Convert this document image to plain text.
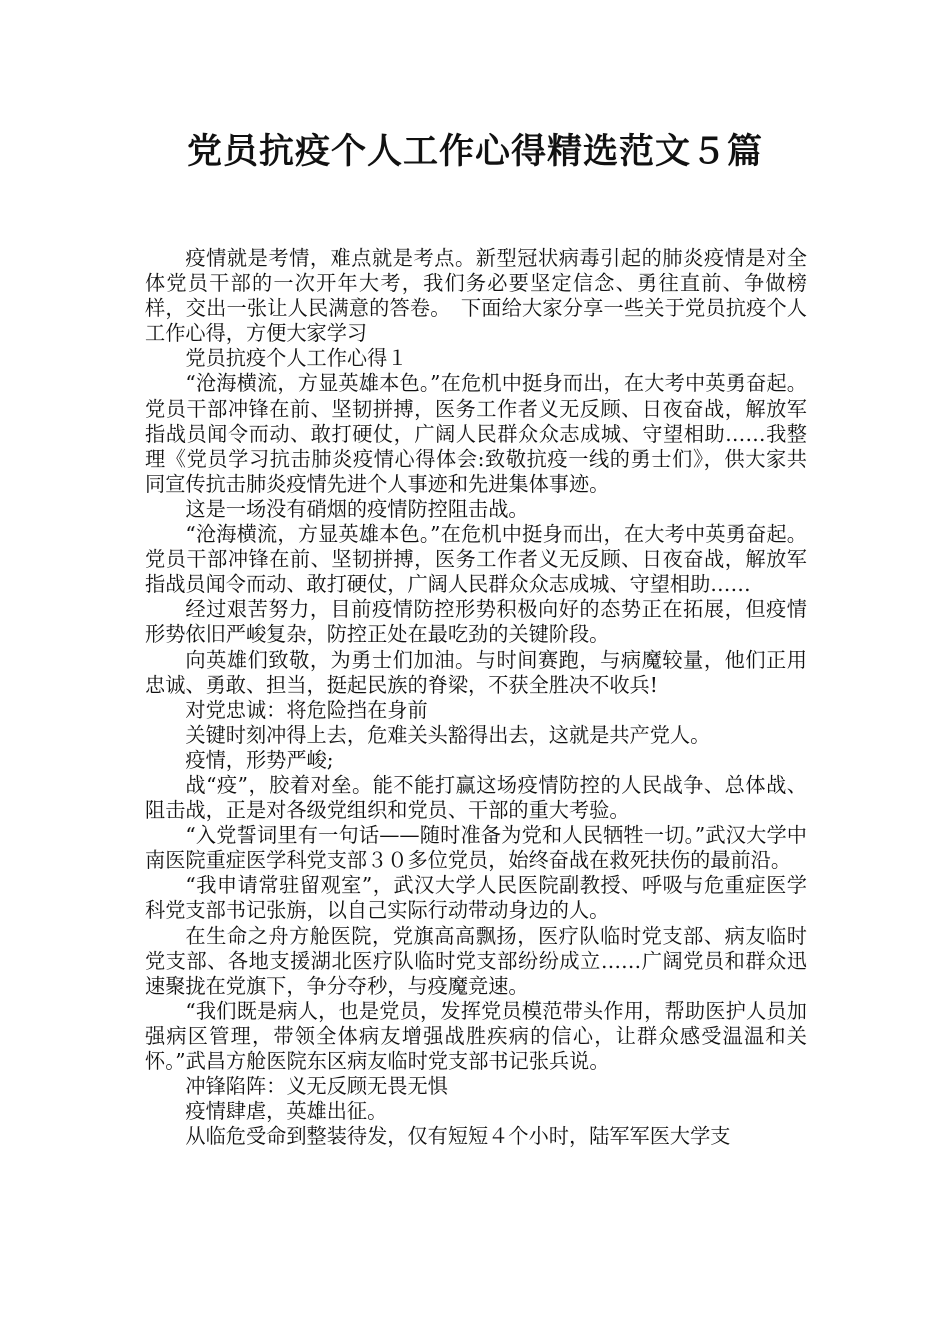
党员抗疫个人工作心得精选范文５篇

疫情就是考情，难点就是考点。新型冠状病毒引起的肺炎疫情是对全体党员干部的一次开年大考，我们务必要坚定信念、勇往直前、争做榜样，交出一张让人民满意的答卷。　下面给大家分享一些关于党员抗疫个人工作心得，方便大家学习

党员抗疫个人工作心得１

“沧海横流，方显英雄本色。”在危机中挺身而出，在大考中英勇奋起。党员干部冲锋在前、坚韧拼搏，医务工作者义无反顾、日夜奋战，解放军指战员闻令而动、敢打硬仗，广阔人民群众众志成城、守望相助……我整理《党员学习抗击肺炎疫情心得体会:致敬抗疫一线的勇士们》，供大家共同宣传抗击肺炎疫情先进个人事迹和先进集体事迹。

这是一场没有硝烟的疫情防控阻击战。

“沧海横流，方显英雄本色。”在危机中挺身而出，在大考中英勇奋起。党员干部冲锋在前、坚韧拼搏，医务工作者义无反顾、日夜奋战，解放军指战员闻令而动、敢打硬仗，广阔人民群众众志成城、守望相助……

经过艰苦努力，目前疫情防控形势积极向好的态势正在拓展，但疫情形势依旧严峻复杂，防控正处在最吃劲的关键阶段。

向英雄们致敬，为勇士们加油。与时间赛跑，与病魔较量，他们正用忠诚、勇敢、担当，挺起民族的脊梁，不获全胜决不收兵!

对党忠诚：将危险挡在身前

关键时刻冲得上去，危难关头豁得出去，这就是共产党人。

疫情，形势严峻;

战“疫”，胶着对垒。能不能打赢这场疫情防控的人民战争、总体战、阻击战，正是对各级党组织和党员、干部的重大考验。

“入党誓词里有一句话——随时准备为党和人民牺牲一切。”武汉大学中南医院重症医学科党支部３０多位党员，始终奋战在救死扶伤的最前沿。

“我申请常驻留观室”，武汉大学人民医院副教授、呼吸与危重症医学科党支部书记张旃，以自己实际行动带动身边的人。

在生命之舟方舱医院，党旗高高飘扬，医疗队临时党支部、病友临时党支部、各地支援湖北医疗队临时党支部纷纷成立……广阔党员和群众迅速聚拢在党旗下，争分夺秒，与疫魔竞速。

“我们既是病人，也是党员，发挥党员模范带头作用，帮助医护人员加强病区管理，带领全体病友增强战胜疾病的信心，让群众感受温温和关怀。”武昌方舱医院东区病友临时党支部书记张兵说。

冲锋陷阵：义无反顾无畏无惧

疫情肆虐，英雄出征。

从临危受命到整装待发，仅有短短４个小时，陆军军医大学支
